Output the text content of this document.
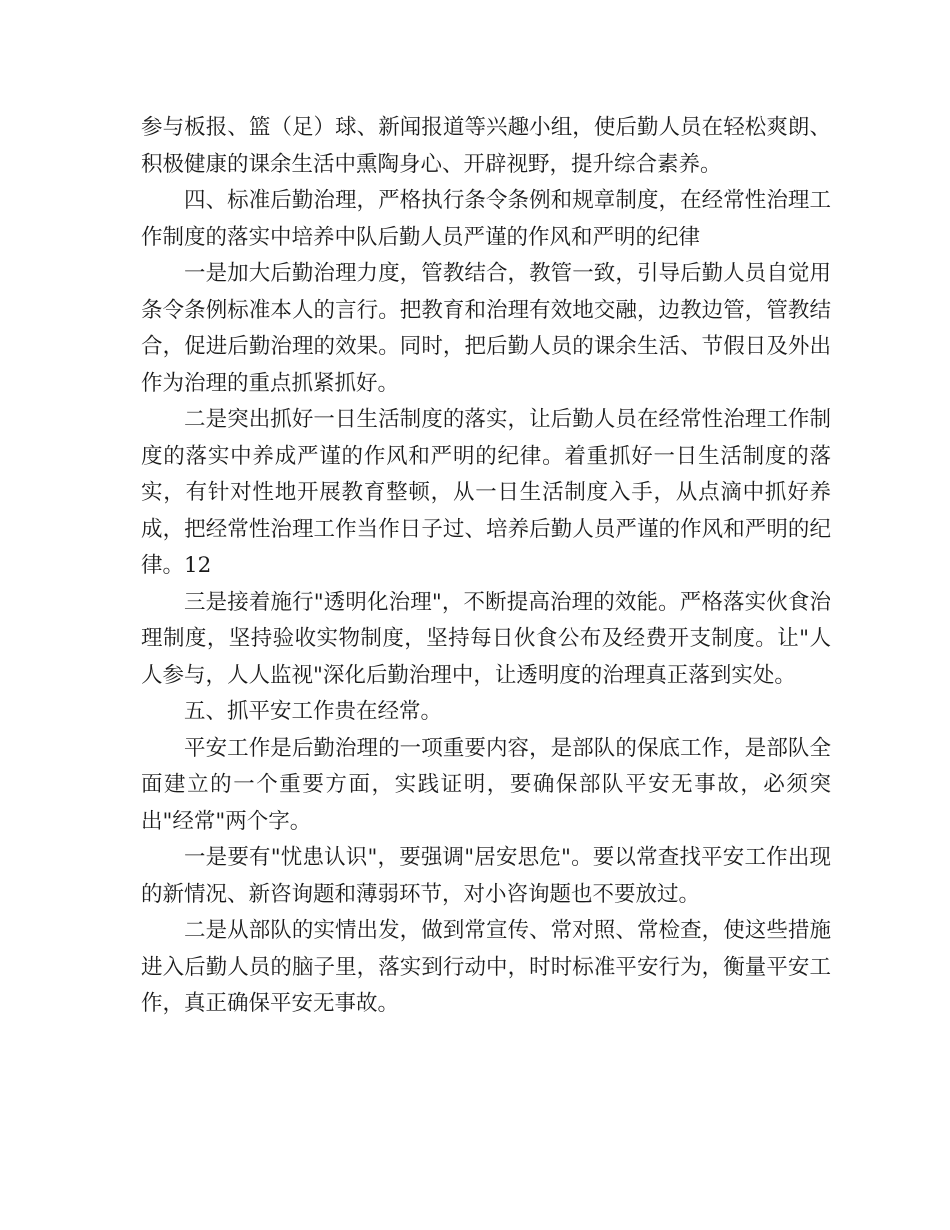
参与板报、篮（足）球、新闻报道等兴趣小组，使后勤人员在轻松爽朗、积极健康的课余生活中熏陶身心、开辟视野，提升综合素养。

四、标准后勤治理，严格执行条令条例和规章制度，在经常性治理工作制度的落实中培养中队后勤人员严谨的作风和严明的纪律

一是加大后勤治理力度，管教结合，教管一致，引导后勤人员自觉用条令条例标准本人的言行。把教育和治理有效地交融，边教边管，管教结合，促进后勤治理的效果。同时，把后勤人员的课余生活、节假日及外出作为治理的重点抓紧抓好。

二是突出抓好一日生活制度的落实，让后勤人员在经常性治理工作制度的落实中养成严谨的作风和严明的纪律。着重抓好一日生活制度的落实，有针对性地开展教育整顿，从一日生活制度入手，从点滴中抓好养成，把经常性治理工作当作日子过、培养后勤人员严谨的作风和严明的纪律。12

三是接着施行"透明化治理"，不断提高治理的效能。严格落实伙食治理制度，坚持验收实物制度，坚持每日伙食公布及经费开支制度。让"人人参与，人人监视"深化后勤治理中，让透明度的治理真正落到实处。

五、抓平安工作贵在经常。

平安工作是后勤治理的一项重要内容，是部队的保底工作，是部队全面建立的一个重要方面，实践证明，要确保部队平安无事故，必须突出"经常"两个字。

一是要有"忧患认识"，要强调"居安思危"。要以常查找平安工作出现的新情况、新咨询题和薄弱环节，对小咨询题也不要放过。

二是从部队的实情出发，做到常宣传、常对照、常检查，使这些措施进入后勤人员的脑子里，落实到行动中，时时标准平安行为，衡量平安工作，真正确保平安无事故。
